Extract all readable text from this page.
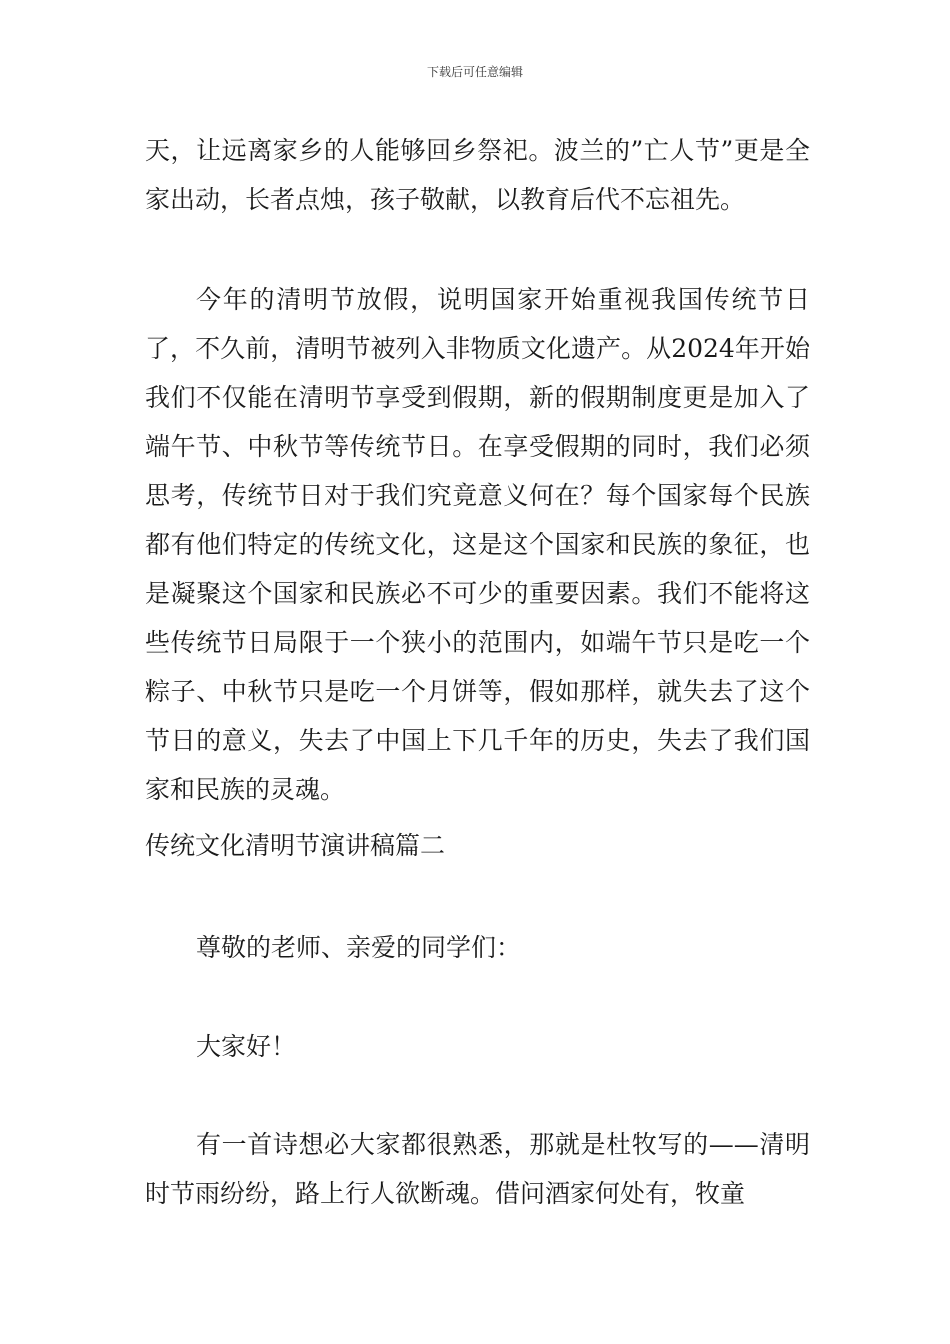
下载后可任意编辑

天，让远离家乡的人能够回乡祭祀。波兰的”亡人节”更是全家出动，长者点烛，孩子敬献，以教育后代不忘祖先。

今年的清明节放假，说明国家开始重视我国传统节日了，不久前，清明节被列入非物质文化遗产。从2024年开始我们不仅能在清明节享受到假期，新的假期制度更是加入了端午节、中秋节等传统节日。在享受假期的同时，我们必须思考，传统节日对于我们究竟意义何在？每个国家每个民族都有他们特定的传统文化，这是这个国家和民族的象征，也是凝聚这个国家和民族必不可少的重要因素。我们不能将这些传统节日局限于一个狭小的范围内，如端午节只是吃一个粽子、中秋节只是吃一个月饼等，假如那样，就失去了这个节日的意义，失去了中国上下几千年的历史，失去了我们国家和民族的灵魂。

传统文化清明节演讲稿篇二

尊敬的老师、亲爱的同学们：

大家好！

有一首诗想必大家都很熟悉，那就是杜牧写的——清明时节雨纷纷，路上行人欲断魂。借问酒家何处有，牧童
